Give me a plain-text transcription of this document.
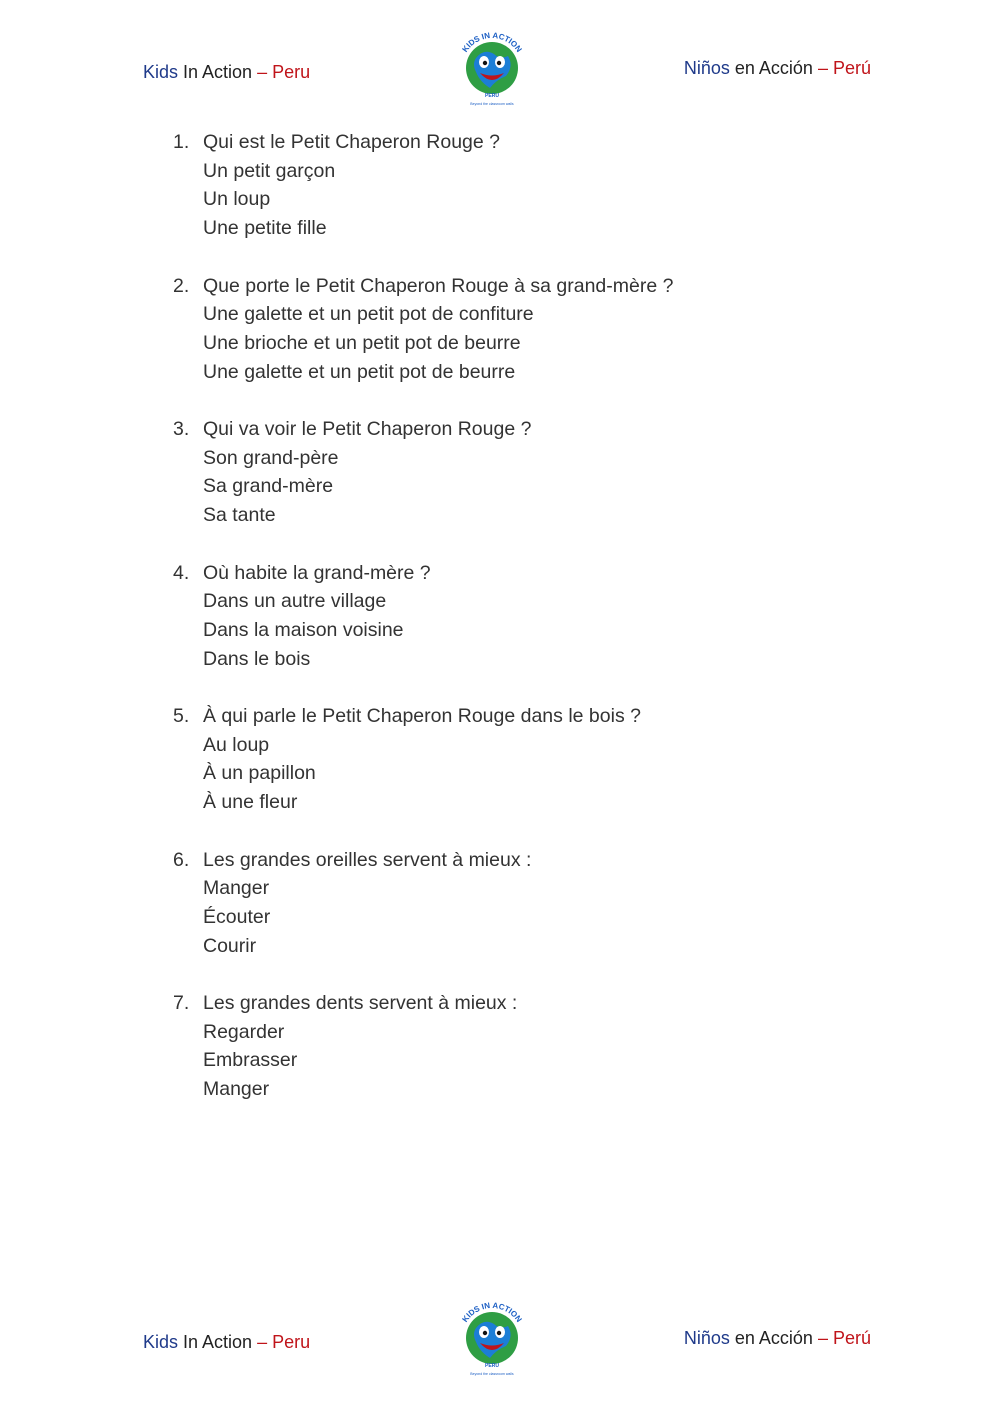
Kids In Action – Peru
KIDS IN ACTION
PERU
Beyond the classroom walls
Niños en Acción – Perú
1. Qui est le Petit Chaperon Rouge ?
Un petit garçon
Un loup
Une petite fille
2. Que porte le Petit Chaperon Rouge à sa grand-mère ?
Une galette et un petit pot de confiture
Une brioche et un petit pot de beurre
Une galette et un petit pot de beurre
3. Qui va voir le Petit Chaperon Rouge ?
Son grand-père
Sa grand-mère
Sa tante
4. Où habite la grand-mère ?
Dans un autre village
Dans la maison voisine
Dans le bois
5. À qui parle le Petit Chaperon Rouge dans le bois ?
Au loup
À un papillon
À une fleur
6. Les grandes oreilles servent à mieux :
Manger
Écouter
Courir
7. Les grandes dents servent à mieux :
Regarder
Embrasser
Manger
Kids In Action – Peru
KIDS IN ACTION
PERU
Beyond the classroom walls
Niños en Acción – Perú
